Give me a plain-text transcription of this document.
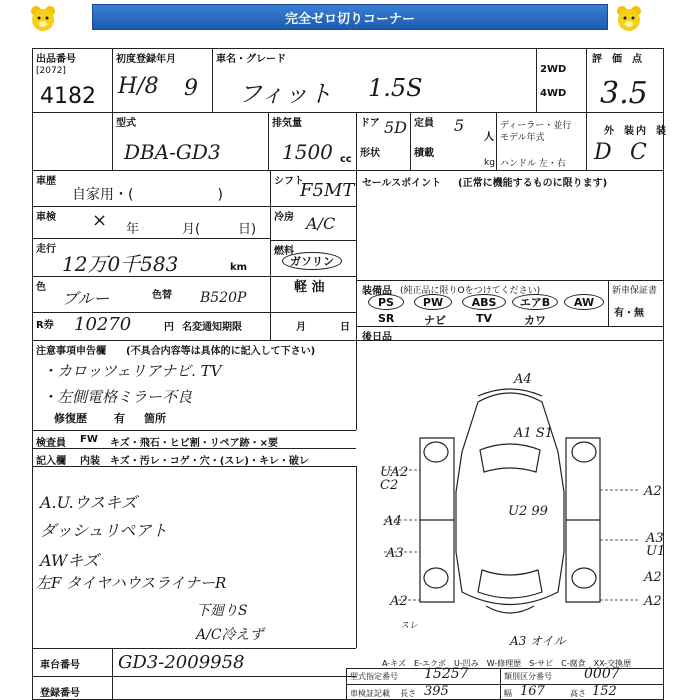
完全ゼロ切りコーナー
出品番号
[2072]
4182
初度登録年月
H/8 9
車名・グレード
フィット 1.5S
2WD
4WD
評　価　点
3.5
型式
DBA-GD3
排気量
1500 cc
ドア 5D
形状
定員 5
人
積載
kg
ディーラー・並行
モデル年式
ハンドル 左・右
外　装 内　装
D C
車歴
自家用・(　　　　　　)
シフト
F5MT
車検 × 年	月(	日)
冷房 A/C
走行
12万0千583	km
燃料
ガソリン
軽 油
色
ブルー	色替 B520P
R券 10270	円 名変通知期限	月	日
セールスポイント (正常に機能するものに限ります)
装備品 (純正品に限りOをつけてください)	新車保証書
有・無
PS	PW	ABS	エアB	AW
SR	ナビ	TV	カワ
後日品
注意事項申告欄 (不具合内容等は具体的に記入して下さい)
・カロッツェリアナビ. TV
・左側電格ミラー不良
修復歴 有 箇所
検査員 FW キズ・飛石・ヒビ割・リペア跡・×要
記入欄 内装 キズ・汚レ・コゲ・穴・(スレ)・キレ・破レ
A.U.ウスキズ
ダッシュリペアト
AWキズ
左F タイヤハウスライナーR
下廻りS
A/C冷えず
A4
A1 S1
UA2 C2
A4
A3
A2
U2 99
A3 U1
A2
A2
A3 オイル
A2
スレ
A-キズ　E-エクボ　U-凹み　W-修理歴　S-サビ　C-腐食　XX-交換歴
車台番号 GD3-2009958
登録番号
型式指定番号 15257	類別区分番号 0007
車検証記載 長さ 395	幅 167	高さ 152
